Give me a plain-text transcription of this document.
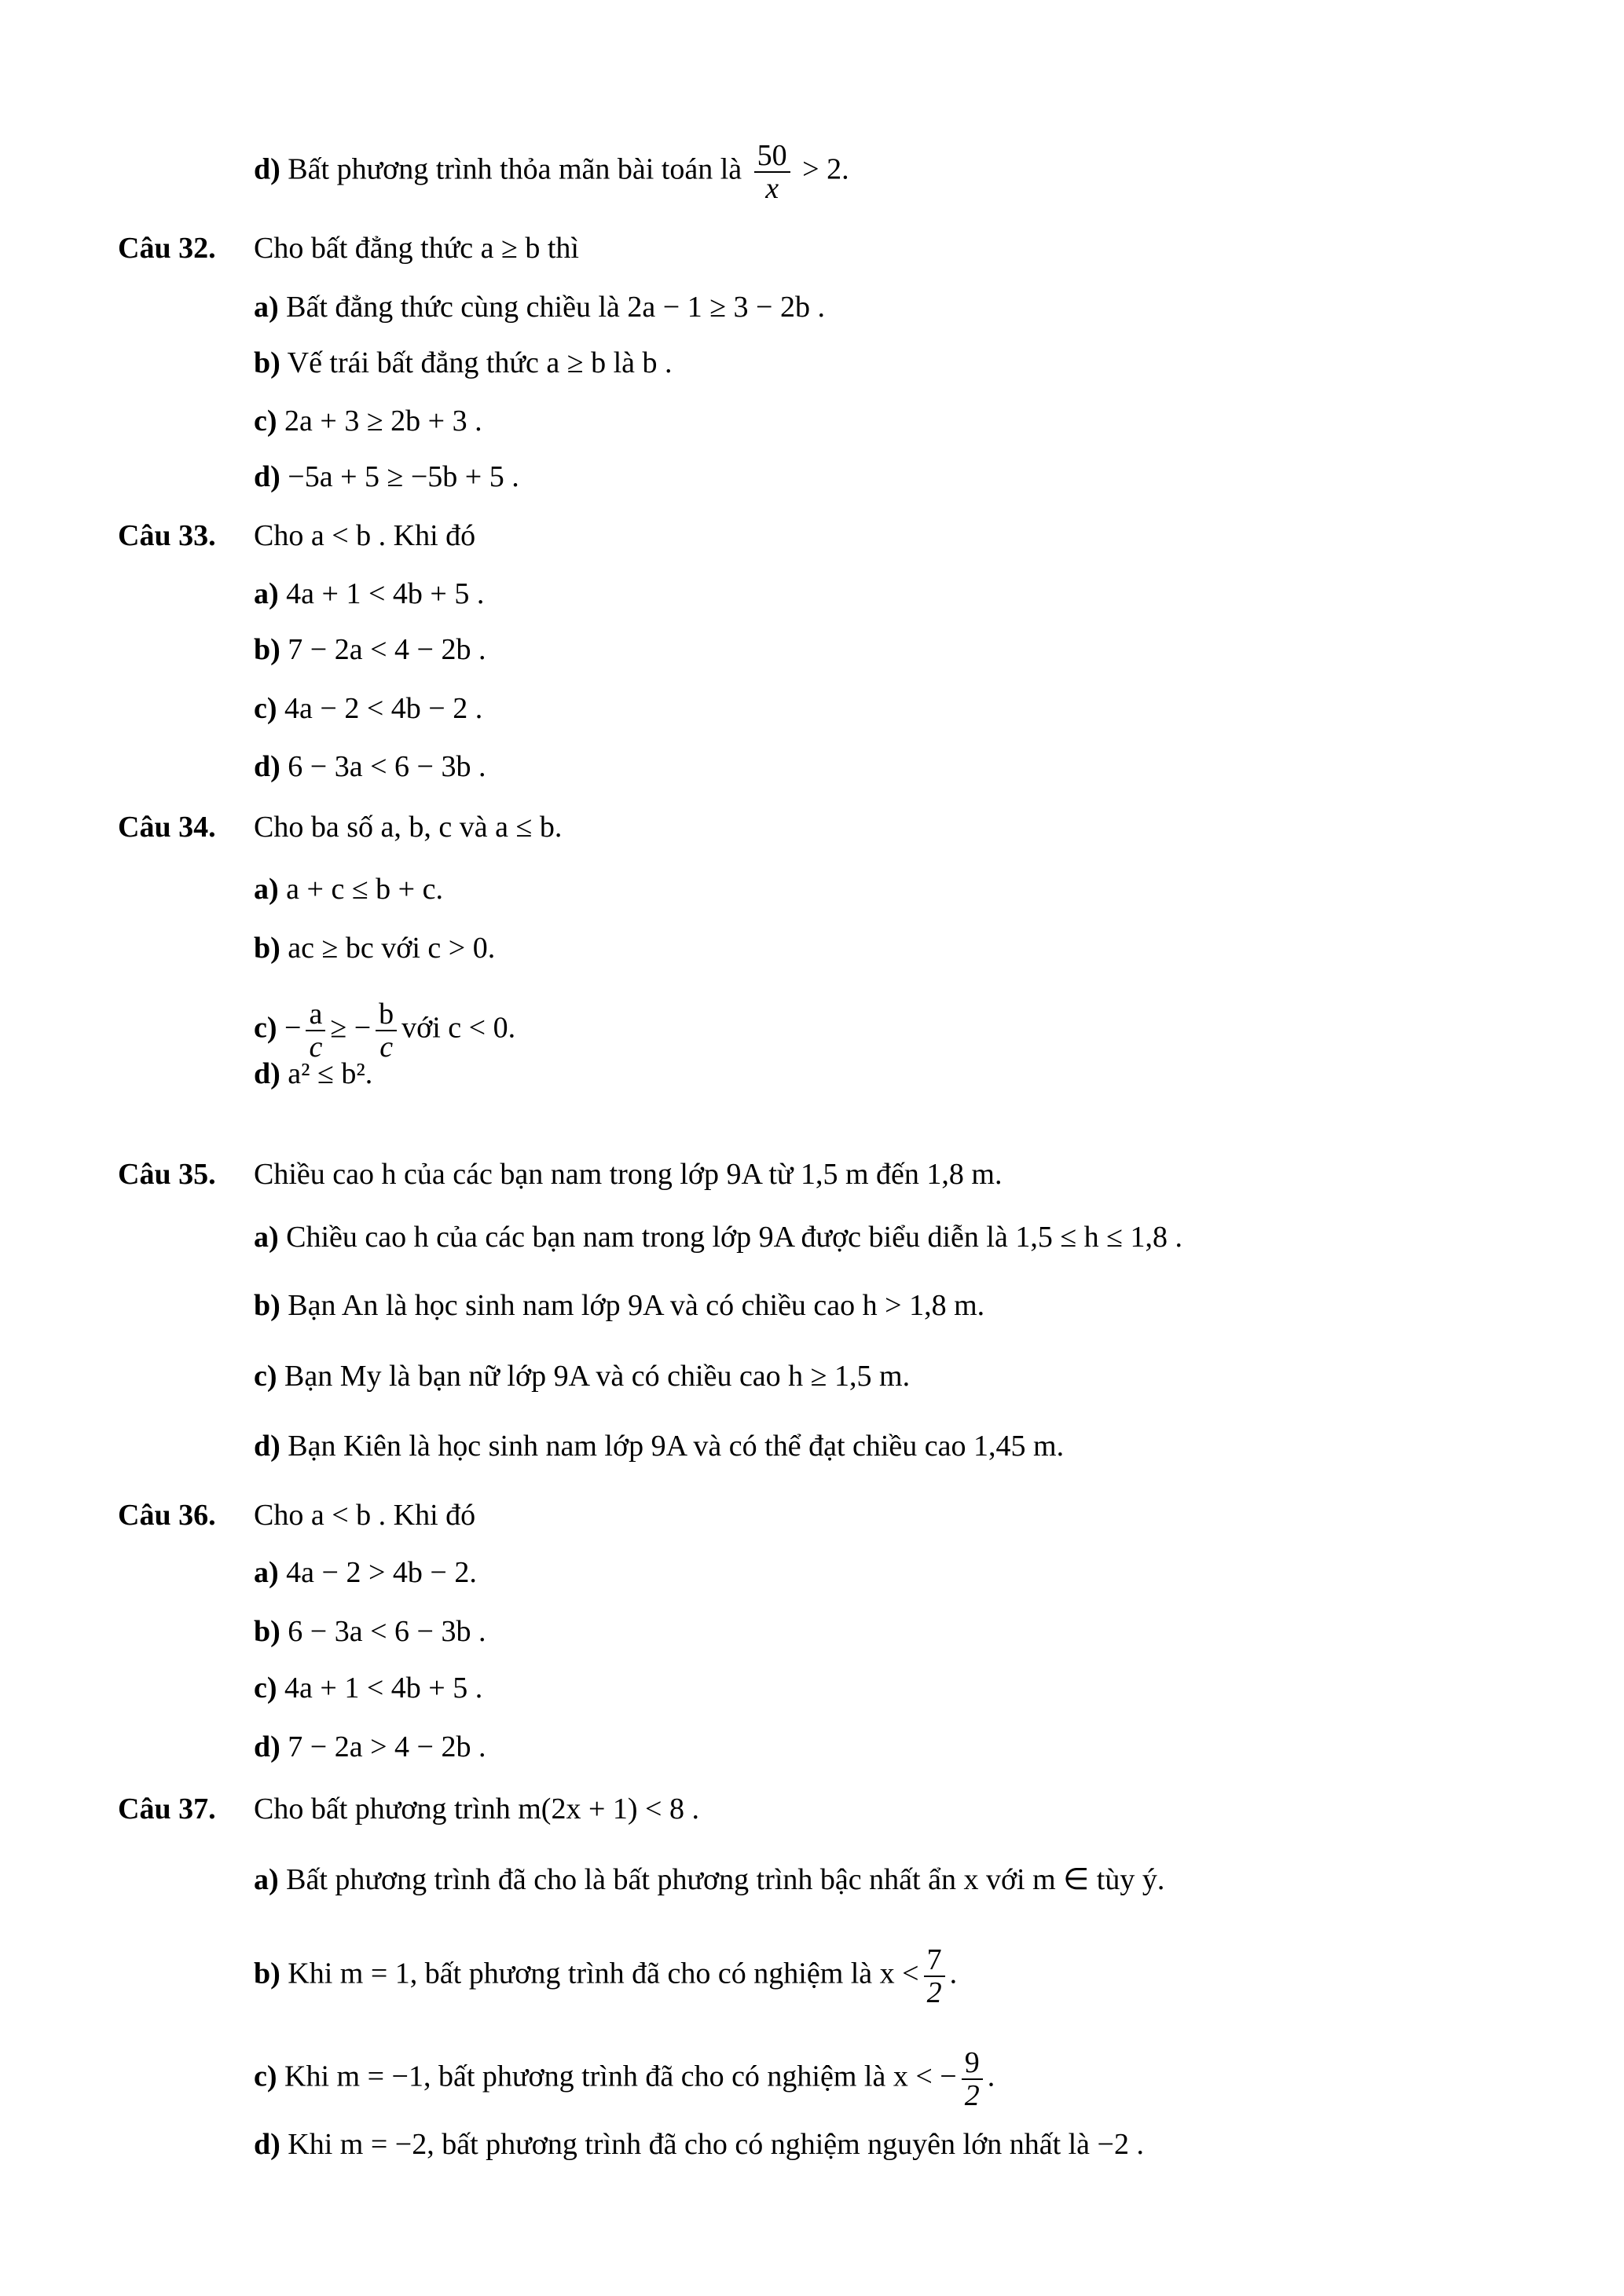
d) Bất phương trình thỏa mãn bài toán là $\frac{50}{x} > 2$.
Câu 32. Cho bất đẳng thức a ≥ b thì
a) Bất đẳng thức cùng chiều là 2a − 1 ≥ 3 − 2b .
b) Vế trái bất đẳng thức a ≥ b là b .
c) 2a + 3 ≥ 2b + 3 .
d) −5a + 5 ≥ −5b + 5 .
Câu 33. Cho a < b . Khi đó
a) 4a + 1 < 4b + 5 .
b) 7 − 2a < 4 − 2b .
c) 4a − 2 < 4b − 2 .
d) 6 − 3a < 6 − 3b .
Câu 34. Cho ba số a, b, c và a ≤ b.
a) a + c ≤ b + c.
b) ac ≥ bc với c > 0.
$c) - \frac{a}{c}$ ≥ − $\frac{b}{c}$ với c < 0.
d) a² ≤ b².
Câu 35. Chiều cao h của các bạn nam trong lớp 9A từ 1,5 m đến 1,8 m.
a) Chiều cao h của các bạn nam trong lớp 9A được biểu diễn là 1,5 ≤ h ≤ 1,8 .
b) Bạn An là học sinh nam lớp 9A và có chiều cao h > 1,8 m.
c) Bạn My là bạn nữ lớp 9A và có chiều cao h ≥ 1,5 m.
d) Bạn Kiên là học sinh nam lớp 9A và có thể đạt chiều cao 1,45 m.
Câu 36. Cho a < b . Khi đó
a) 4a − 2 > 4b − 2.
b) 6 − 3a < 6 − 3b .
c) 4a + 1 < 4b + 5 .
d) 7 − 2a > 4 − 2b .
Câu 37. Cho bất phương trình m(2x + 1) < 8 .
a) Bất phương trình đã cho là bất phương trình bậc nhất ẩn x với m ∈ tùy ý.
b) Khi m = 1, bất phương trình đã cho có nghiệm là $x < \frac{7}{2}$ .
c) Khi m = −1, bất phương trình đã cho có nghiệm là x < − $\frac{9}{2}$ .
d) Khi m = −2, bất phương trình đã cho có nghiệm nguyên lớn nhất là −2 .
